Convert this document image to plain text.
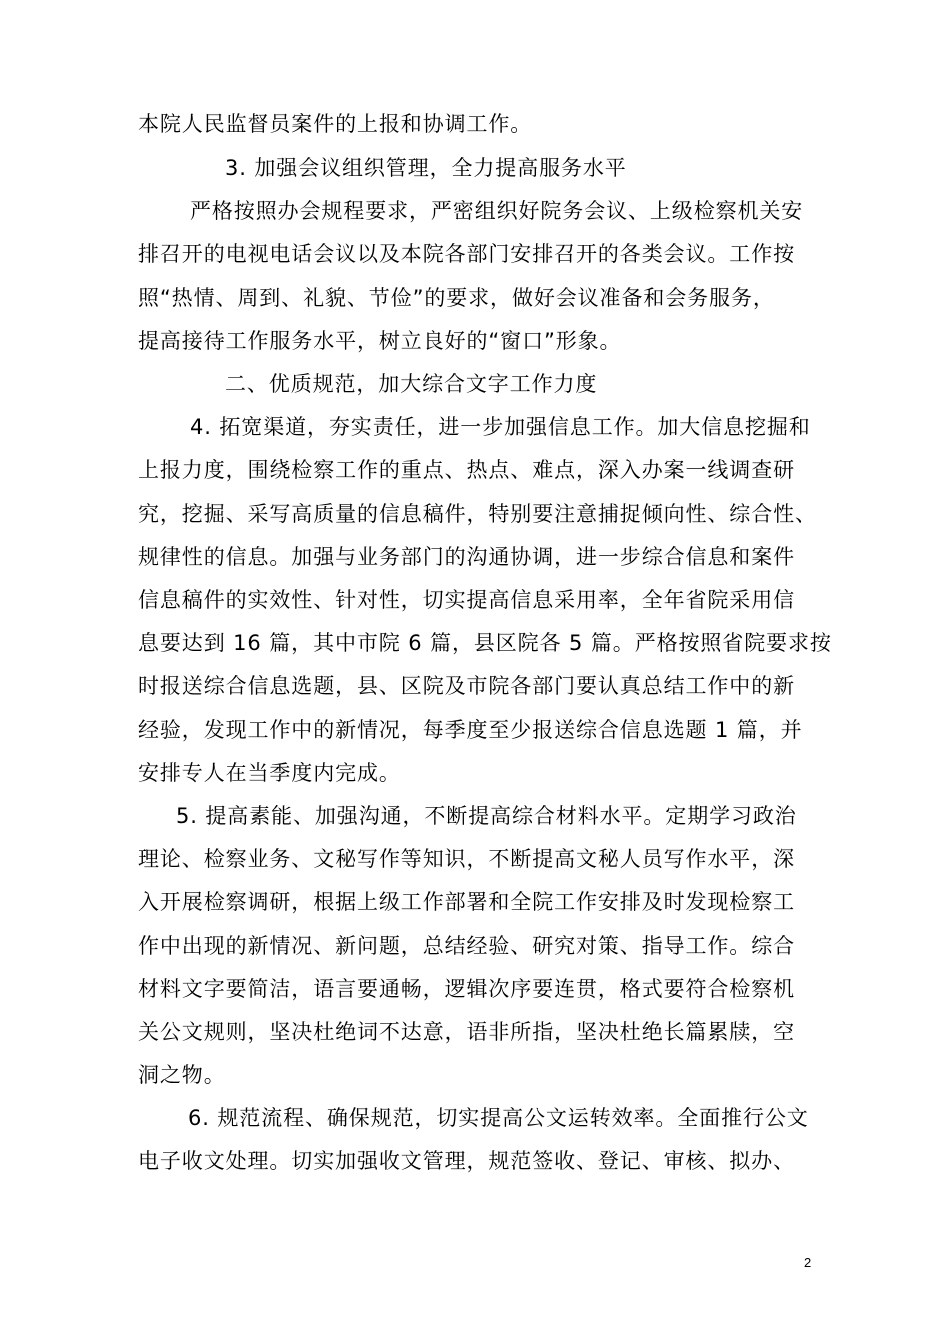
本院人民监督员案件的上报和协调工作。
3. 加强会议组织管理，全力提高服务水平
严格按照办会规程要求，严密组织好院务会议、上级检察机关安
排召开的电视电话会议以及本院各部门安排召开的各类会议。工作按
照“热情、周到、礼貌、节俭”的要求，做好会议准备和会务服务，
提高接待工作服务水平，树立良好的“窗口”形象。
二、优质规范，加大综合文字工作力度
4. 拓宽渠道，夯实责任，进一步加强信息工作。加大信息挖掘和
上报力度，围绕检察工作的重点、热点、难点，深入办案一线调查研
究，挖掘、采写高质量的信息稿件，特别要注意捕捉倾向性、综合性、
规律性的信息。加强与业务部门的沟通协调，进一步综合信息和案件
信息稿件的实效性、针对性，切实提高信息采用率，全年省院采用信
息要达到 16 篇，其中市院 6 篇，县区院各 5 篇。严格按照省院要求按
时报送综合信息选题，县、区院及市院各部门要认真总结工作中的新
经验，发现工作中的新情况，每季度至少报送综合信息选题 1 篇，并
安排专人在当季度内完成。
5. 提高素能、加强沟通，不断提高综合材料水平。定期学习政治
理论、检察业务、文秘写作等知识，不断提高文秘人员写作水平，深
入开展检察调研，根据上级工作部署和全院工作安排及时发现检察工
作中出现的新情况、新问题，总结经验、研究对策、指导工作。综合
材料文字要简洁，语言要通畅，逻辑次序要连贯，格式要符合检察机
关公文规则，坚决杜绝词不达意，语非所指，坚决杜绝长篇累牍，空
洞之物。
6. 规范流程、确保规范，切实提高公文运转效率。全面推行公文
电子收文处理。切实加强收文管理，规范签收、登记、审核、拟办、
2
